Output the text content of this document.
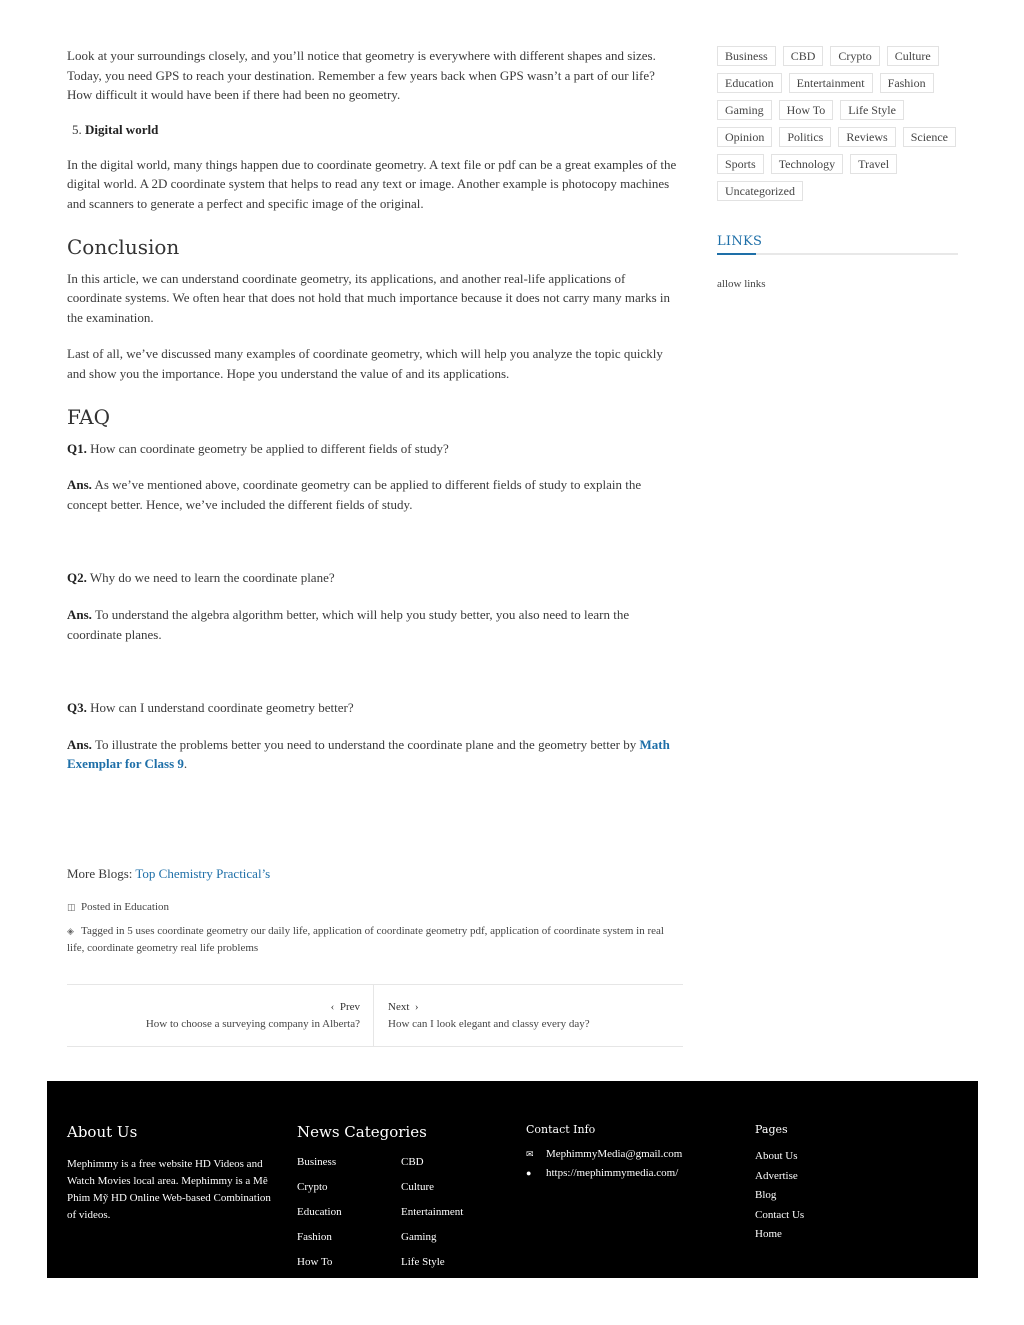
Look at your surroundings closely, and you’ll notice that geometry is everywhere with different shapes and sizes. Today, you need GPS to reach your destination. Remember a few years back when GPS wasn’t a part of our life? How difficult it would have been if there had been no geometry.

5. Digital world

In the digital world, many things happen due to coordinate geometry. A text file or pdf can be a great examples of the digital world. A 2D coordinate system that helps to read any text or image. Another example is photocopy machines and scanners to generate a perfect and specific image of the original.

Conclusion

In this article, we can understand coordinate geometry, its applications, and another real-life applications of coordinate systems. We often hear that does not hold that much importance because it does not carry many marks in the examination.

Last of all, we’ve discussed many examples of coordinate geometry, which will help you analyze the topic quickly and show you the importance. Hope you understand the value of and its applications.

FAQ

Q1. How can coordinate geometry be applied to different fields of study?

Ans. As we’ve mentioned above, coordinate geometry can be applied to different fields of study to explain the concept better. Hence, we’ve included the different fields of study.

Q2. Why do we need to learn the coordinate plane?

Ans. To understand the algebra algorithm better, which will help you study better, you also need to learn the coordinate planes.

Q3. How can I understand coordinate geometry better?

Ans. To illustrate the problems better you need to understand the coordinate plane and the geometry better by Math Exemplar for Class 9.

More Blogs: Top Chemistry Practical’s

◫ Posted in Education
◈ Tagged in 5 uses coordinate geometry our daily life, application of coordinate geometry pdf, application of coordinate system in real life, coordinate geometry real life problems
‹ Prev
How to choose a surveying company in Alberta?
Next ›
How can I look elegant and classy every day?
Business	CBD	Crypto	Culture
Education	Entertainment	Fashion
Gaming	How To	Life Style
Opinion	Politics	Reviews	Science
Sports	Technology	Travel
Uncategorized
LINKS
allow links
About Us
Mephimmy is a free website HD Videos and Watch Movies local area. Mephimmy is a Mê Phim Mỹ HD Online Web-based Combination of videos.
News Categories
Business	CBD
Crypto	Culture
Education	Entertainment
Fashion	Gaming
How To	Life Style
Contact Info
✉ MephimmyMedia@gmail.com
● https://mephimmymedia.com/
Pages
About Us
Advertise
Blog
Contact Us
Home
